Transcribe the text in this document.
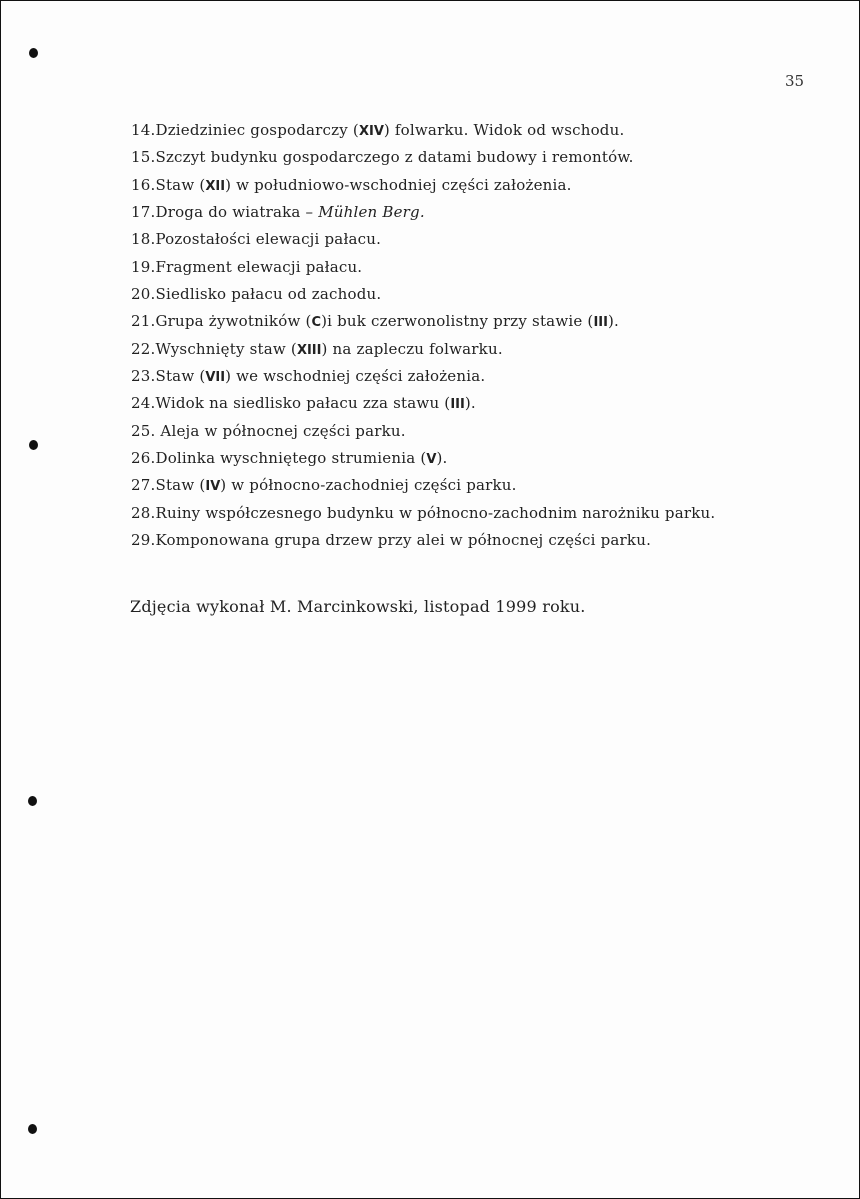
35
14.Dziedziniec gospodarczy (XIV) folwarku. Widok od wschodu.
15.Szczyt budynku gospodarczego z datami budowy i remontów.
16.Staw (XII) w południowo-wschodniej części założenia.
17.Droga do wiatraka – Mühlen Berg.
18.Pozostałości elewacji pałacu.
19.Fragment elewacji pałacu.
20.Siedlisko pałacu od zachodu.
21.Grupa żywotników (C)i buk czerwonolistny przy stawie (III).
22.Wyschnięty staw (XIII) na zapleczu folwarku.
23.Staw (VII) we wschodniej części założenia.
24.Widok na siedlisko pałacu zza stawu (III).
25. Aleja w północnej części parku.
26.Dolinka wyschniętego strumienia (V).
27.Staw (IV) w północno-zachodniej części parku.
28.Ruiny współczesnego budynku w północno-zachodnim narożniku parku.
29.Komponowana grupa drzew przy alei w północnej części parku.
Zdjęcia wykonał M. Marcinkowski, listopad 1999 roku.
